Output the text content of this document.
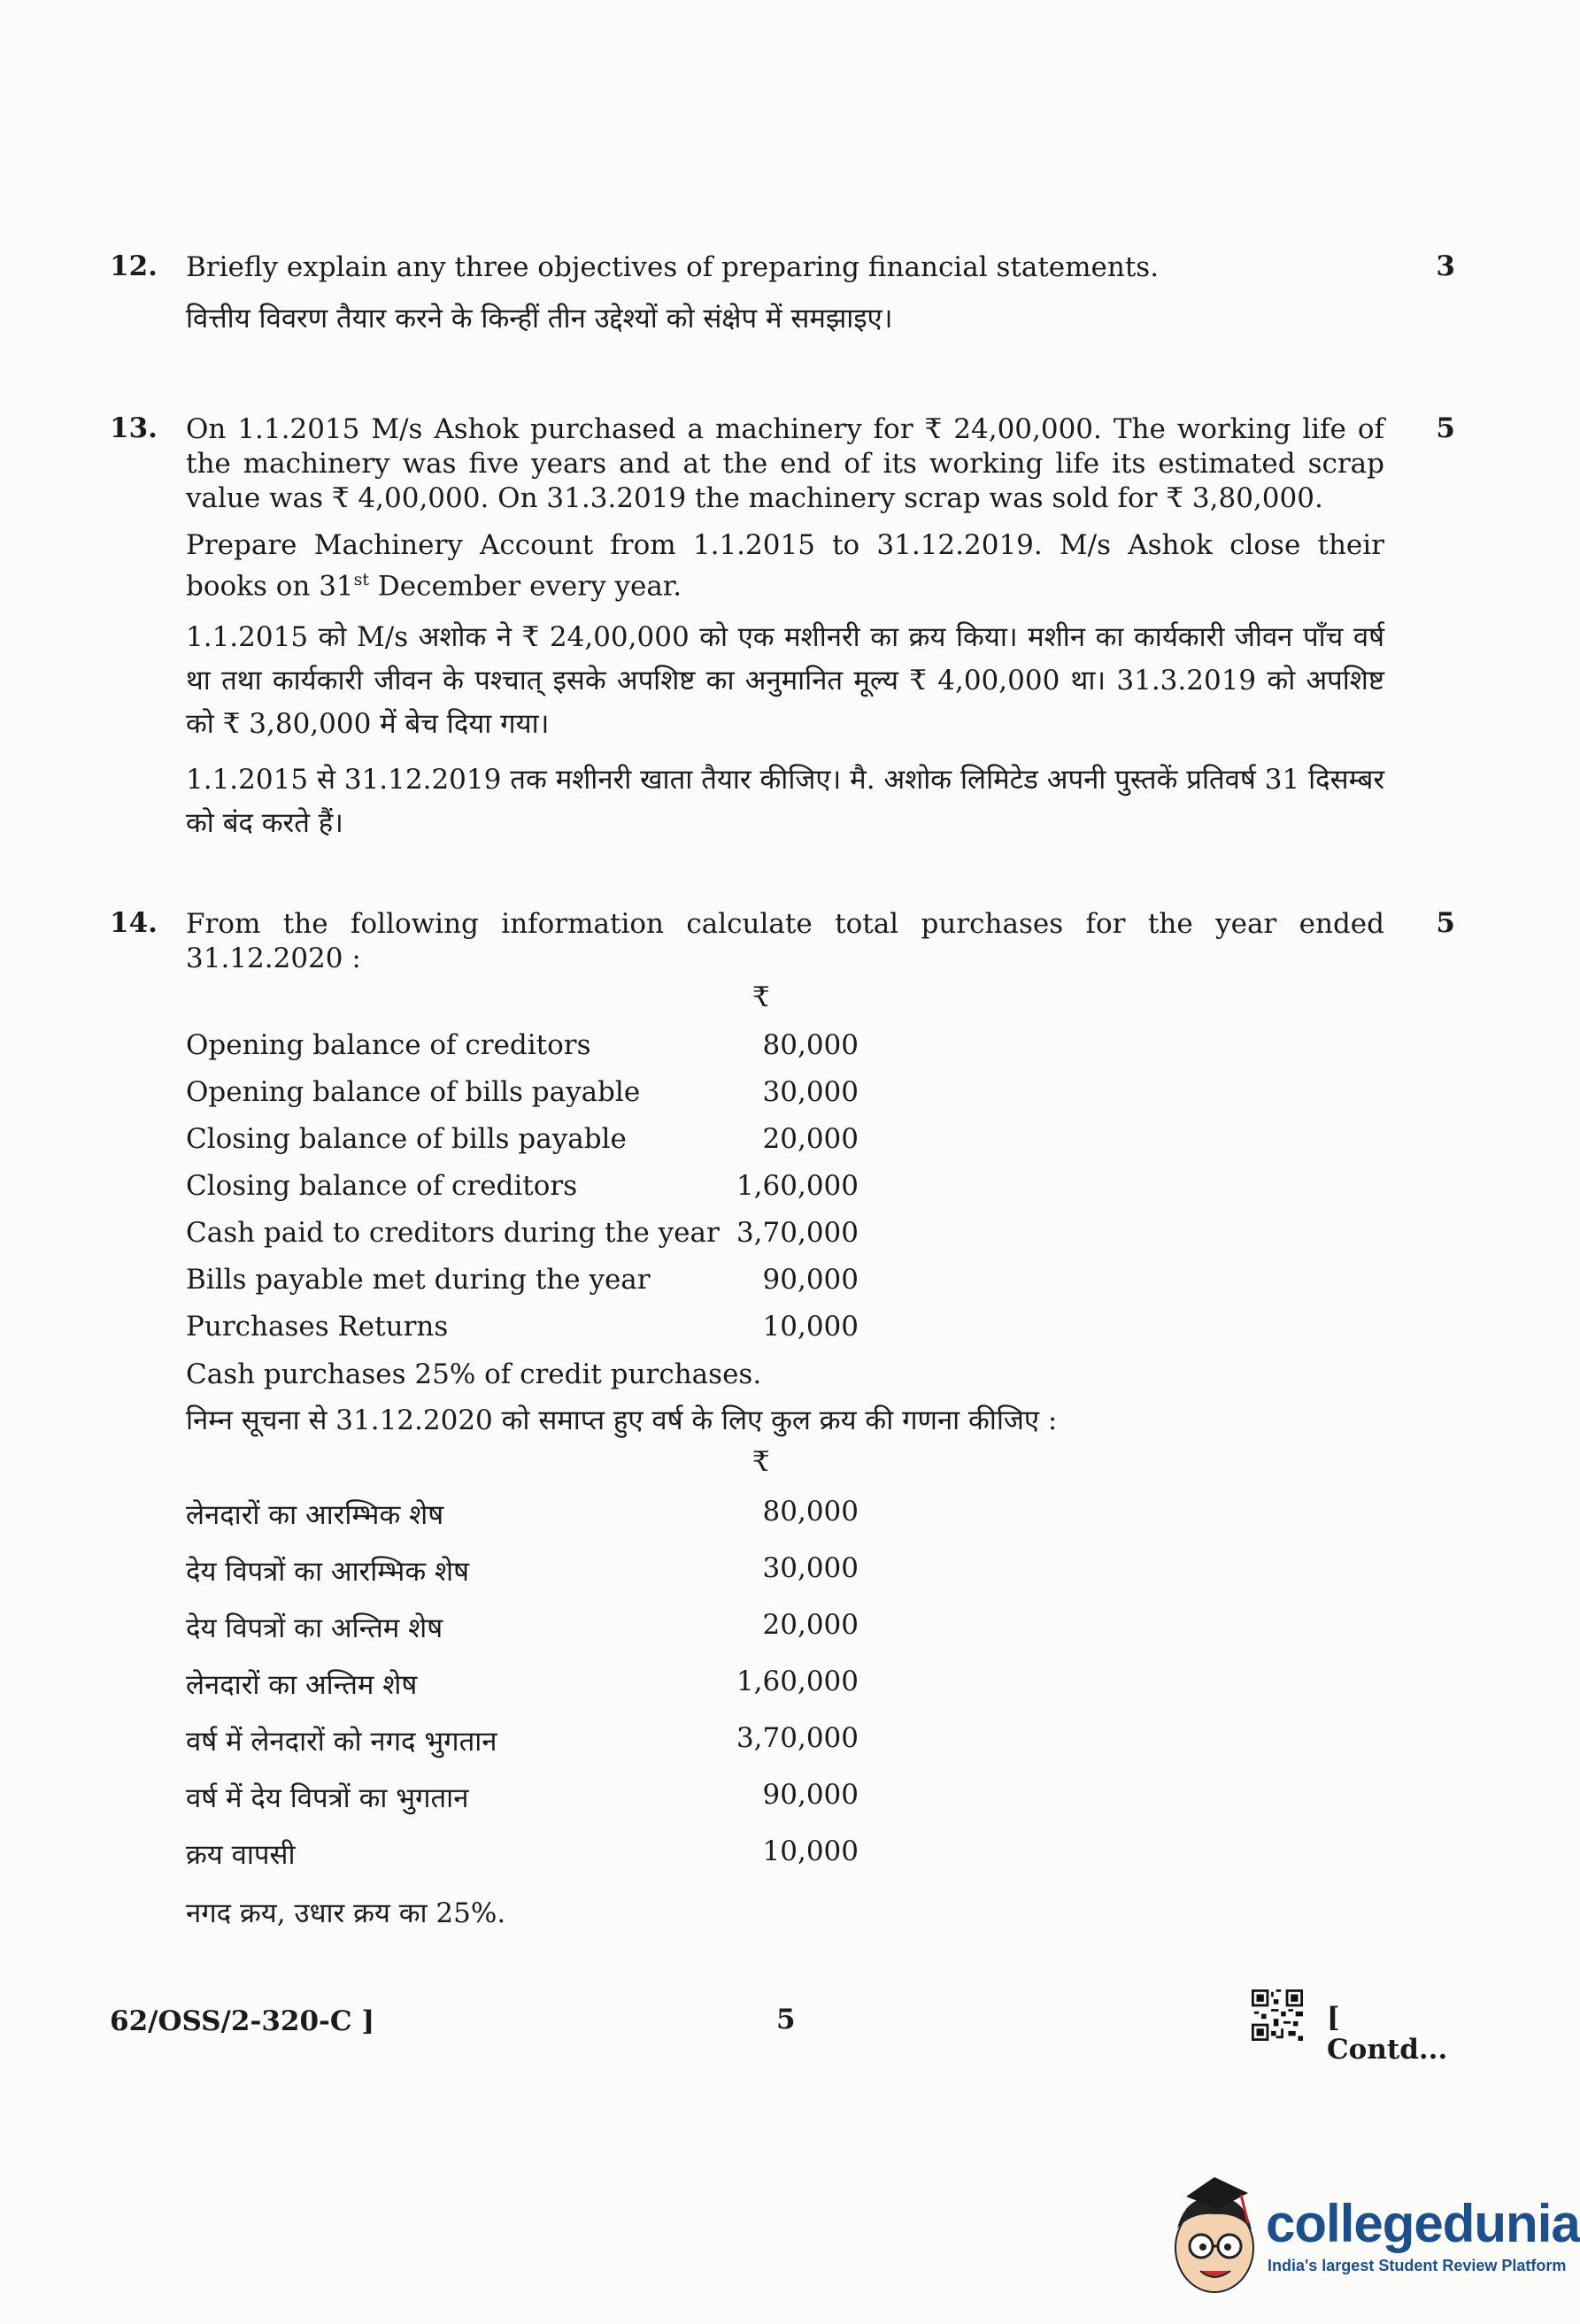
12.	3

Briefly explain any three objectives of preparing financial statements.

वित्तीय विवरण तैयार करने के किन्हीं तीन उद्देश्यों को संक्षेप में समझाइए।

13.	5

On 1.1.2015 M/s Ashok purchased a machinery for ₹ 24,00,000. The working life of the machinery was five years and at the end of its working life its estimated scrap value was ₹ 4,00,000. On 31.3.2019 the machinery scrap was sold for ₹ 3,80,000.

Prepare Machinery Account from 1.1.2015 to 31.12.2019. M/s Ashok close their books on 31st December every year.

1.1.2015 को M/s अशोक ने ₹ 24,00,000 को एक मशीनरी का क्रय किया। मशीन का कार्यकारी जीवन पाँच वर्ष था तथा कार्यकारी जीवन के पश्चात् इसके अपशिष्ट का अनुमानित मूल्य ₹ 4,00,000 था। 31.3.2019 को अपशिष्ट को ₹ 3,80,000 में बेच दिया गया।

1.1.2015 से 31.12.2019 तक मशीनरी खाता तैयार कीजिए। मै. अशोक लिमिटेड अपनी पुस्तकें प्रतिवर्ष 31 दिसम्बर को बंद करते हैं।

14.	5

From the following information calculate total purchases for the year ended 31.12.2020 :

₹
Opening balance of creditors	80,000
Opening balance of bills payable	30,000
Closing balance of bills payable	20,000
Closing balance of creditors	1,60,000
Cash paid to creditors during the year 3,70,000
Bills payable met during the year	90,000
Purchases Returns	10,000

Cash purchases 25% of credit purchases.

निम्न सूचना से 31.12.2020 को समाप्त हुए वर्ष के लिए कुल क्रय की गणना कीजिए :

₹
लेनदारों का आरम्भिक शेष	80,000
देय विपत्रों का आरम्भिक शेष	30,000
देय विपत्रों का अन्तिम शेष	20,000
लेनदारों का अन्तिम शेष	1,60,000
वर्ष में लेनदारों को नगद भुगतान	3,70,000
वर्ष में देय विपत्रों का भुगतान	90,000
क्रय वापसी	10,000

नगद क्रय, उधार क्रय का 25%.

62/OSS/2-320-C ]	5	[ Contd...
collegedunia
India's largest Student Review Platform
